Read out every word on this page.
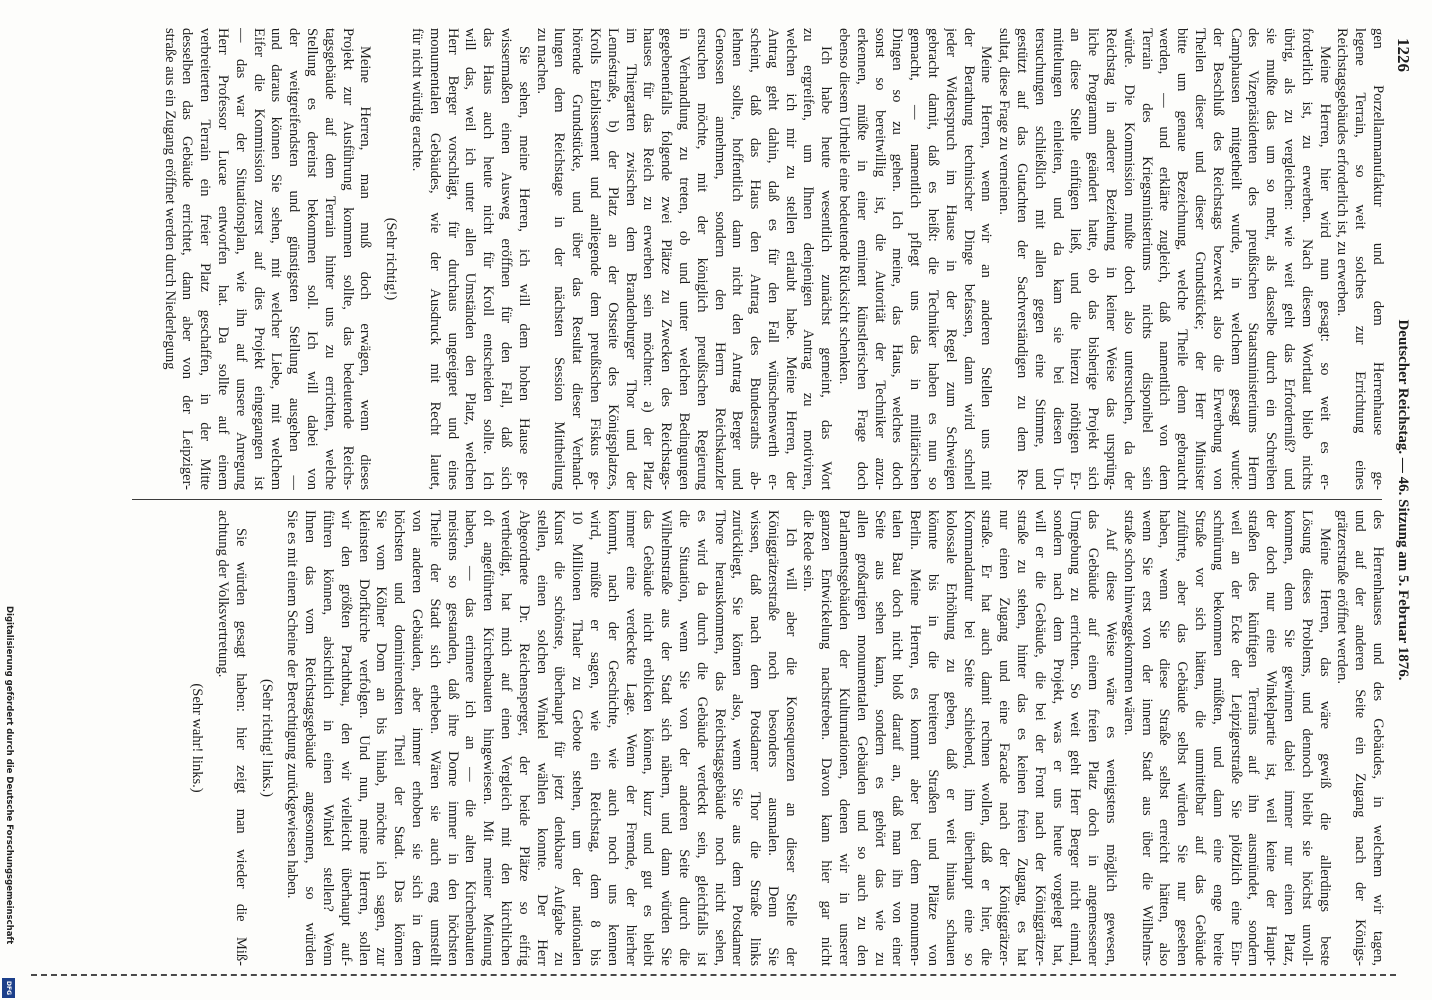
1226
Deutscher Reichstag. — 46. Sitzung am 5. Februar 1876.
gen Porzellanmanufaktur und dem Herrenhause ge-
legene Terrain, so weit solches zur Errichtung eines
Reichstagsgebäudes erforderlich ist, zu erwerben.
Meine Herren, hier wird nun gesagt: so weit es er-
forderlich ist, zu erwerben. Nach diesem Wortlaut blieb nichts
übrig, als zu vergleichen: wie weit geht das Erforderniß? und
sie mußte das um so mehr, als dasselbe durch ein Schreiben
des Vizepräsidenten des preußischen Staatsministeriums Herrn
Camphausen mitgetheilt wurde, in welchem gesagt wurde:
der Beschluß des Reichstags bezweckt also die Erwerbung von
Theilen dieser und dieser Grundstücke; der Herr Minister
bitte um genaue Bezeichnung, welche Theile denn gebraucht
werden, — und erklärte zugleich, daß namentlich von dem
Terrain des Kriegsministeriums nichts disponibel sein
würde. Die Kommission mußte doch also untersuchen, da der
Reichstag in anderer Beziehung in keiner Weise das ursprüng-
liche Programm geändert hatte, ob das bisherige Projekt sich
an diese Stelle einfügen ließ, und die hierzu nöthigen Er-
mittelungen einleiten, und da kam sie bei diesen Un-
tersuchungen schließlich mit allen gegen eine Stimme, und
gestützt auf das Gutachten der Sachverständigen zu dem Re-
sultat, diese Frage zu verneinen.
Meine Herren, wenn wir an anderen Stellen uns mit
der Berathung technischer Dinge befassen, dann wird schnell
jeder Widerspruch im Hause in der Regel zum Schweigen
gebracht damit, daß es heißt: die Techniker haben es nun so
gemacht, — namentlich pflegt uns das in militärischen
Dingen so zu gehen. Ich meine, das Haus, welches doch
sonst so bereitwillig ist, die Autorität der Techniker anzu-
erkennen, müßte in einer eminent künstlerischen Frage doch
ebenso diesem Urtheile eine bedeutende Rücksicht schenken.
Ich habe heute wesentlich zunächst gemeint, das Wort
zu ergreifen, um Ihnen denjenigen Antrag zu motiviren,
welchen ich mir zu stellen erlaubt habe. Meine Herren, der
Antrag geht dahin, daß es für den Fall wünschenswerth er-
scheint, daß das Haus den Antrag des Bundesraths ab-
lehnen sollte, hoffentlich dann nicht den Antrag Berger und
Genossen annehmen, sondern den Herrn Reichskanzler
ersuchen möchte, mit der königlich preußischen Regierung
in Verhandlung zu treten, ob und unter welchen Bedingungen
gegebenenfalls folgende zwei Plätze zu Zwecken des Reichstags-
hauses für das Reich zu erwerben sein möchten: a) der Platz
im Thiergarten zwischen dem Brandenburger Thor und der
Lennéstraße, b) der Platz an der Ostseite des Königsplatzes,
Krolls Etablissement und anliegende dem preußischen Fiskus ge-
hörende Grundstücke, und über das Resultat dieser Verhand-
lungen dem Reichstage in der nächsten Session Mittheilung
zu machen.
Sie sehen, meine Herren, ich will dem hohen Hause ge-
wissermaßen einen Ausweg eröffnen für den Fall, daß sich
das Haus auch heute nicht für Kroll entscheiden sollte. Ich
will das, weil ich unter allen Umständen den Platz, welchen
Herr Berger vorschlägt, für durchaus ungeeignet und eines
monumentalen Gebäudes, wie der Ausdruck mit Recht lautet,
für nicht würdig erachte.
(Sehr richtig!)
Meine Herren, man muß doch erwägen, wenn dieses
Projekt zur Ausführung kommen sollte, das bedeutende Reichs-
tagsgebäude auf dem Terrain hinter uns zu errichten, welche
Stellung es dereinst bekommen soll. Ich will dabei von
der weitgreifendsten und günstigsten Stellung ausgehen —
und daraus können Sie sehen, mit welcher Liebe, mit welchem
Eifer die Kommission zuerst auf dies Projekt eingegangen ist
— das war der Situationsplan, wie ihn auf unsere Anregung
Herr Professor Lucae entworfen hat. Da sollte auf einem
verbreiterten Terrain ein freier Platz geschaffen, in der Mitte
desselben das Gebäude errichtet, dann aber von der Leipziger-
straße aus ein Zugang eröffnet werden durch Niederlegung
des Herrenhauses und des Gebäudes, in welchem wir tagen,
und auf der anderen Seite ein Zugang nach der Königs-
grätzerstraße eröffnet werden.
Meine Herren, das wäre gewiß die allerdings beste
Lösung dieses Problems, und dennoch bleibt sie höchst unvoll-
kommen, denn Sie gewinnen dabei immer nur einen Platz,
der doch nur eine Winkelpartie ist, weil keine der Haupt-
straßen des künftigen Terrains auf ihn ausmündet, sondern
weil an der Ecke der Leipzigerstraße Sie plötzlich eine Ein-
schnürung bekommen müßten, und dann eine enge breite
Straße vor sich hätten, die unmittelbar auf das Gebäude
zuführte, aber das Gebäude selbst würden Sie nur gesehen
haben, wenn Sie diese Straße selbst erreicht hätten, also
wenn Sie erst von der innern Stadt aus über die Wilhelms-
straße schon hinweggekommen wären.
Auf diese Weise wäre es wenigstens möglich gewesen,
das Gebäude auf einem freien Platz doch in angemessener
Umgebung zu errichten. So weit geht Herr Berger nicht einmal,
sondern nach dem Projekt, was er uns heute vorgelegt hat,
will er die Gebäude, die bei der Front nach der Königgrätzer-
straße zu stehen, hinter das es keinen freien Zugang, es hat
nur einen Zugang und eine Facade nach der Königgrätzer-
straße. Er hat auch damit rechnen wollen, daß er hier, die
Kommandantur bei Seite schiebend, ihm überhaupt eine so
kolossale Erhöhung zu geben, daß er weit hinaus schauen
könnte bis in die breiteren Straßen und Plätze von
Berlin. Meine Herren, es kommt aber bei dem monumen-
talen Bau doch nicht bloß darauf an, daß man ihn von einer
Seite aus sehen kann, sondern es gehört das wie zu
allen großartigen monumentalen Gebäuden und so auch zu den
Parlamentsgebäuden der Kulturnationen, denen wir in unserer
ganzen Entwickelung nachstreben. Davon kann hier gar nicht
die Rede sein.
Ich will aber die Konsequenzen an dieser Stelle der
Königgrätzerstraße noch besonders ausmalen. Denn Sie
wissen, daß nach dem Potsdamer Thor die Straße links
zurückliegt, Sie können also, wenn Sie aus dem Potsdamer
Thore herauskommen, das Reichstagsgebäude noch nicht sehen,
es wird da durch die Gebäude verdeckt sein, gleichfalls ist
die Situation, wenn Sie von der anderen Seite durch die
Wilhelmstraße aus der Stadt sich nähern, und dann würden Sie
das Gebäude nicht erblicken können, kurz und gut es bleibt
immer eine verdeckte Lage. Wenn der Fremde, der hierher
kommt, nach der Geschichte, wie auch noch uns kennen
wird, müßte er sagen, wie ein Reichstag, dem 8 bis
10 Millionen Thaler zu Gebote stehen, um der nationalen
Kunst die schönste, überhaupt für jetzt denkbare Aufgabe zu
stellen, einen solchen Winkel wählen konnte. Der Herr
Abgeordnete Dr. Reichensperger, der beide Plätze so eifrig
vertheidigt, hat mich auf einen Vergleich mit den kirchlichen
oft angeführten Kirchenbauten hingewiesen. Mit meiner Meinung
haben, — das erinnere ich an — die alten Kirchenbauten
meistens so gestanden, daß ihre Dome immer in den höchsten
Theile der Stadt sich erheben. Wären sie auch eng umstellt
von anderen Gebäuden, aber immer erhoben sie sich in dem
höchsten und dominirendsten Theil der Stadt. Das können
Sie vom Kölner Dom an bis hinab, möchte ich sagen, zur
kleinsten Dorfkirche verfolgen. Und nun, meine Herren, sollen
wir den größten Prachtbau, den wir vielleicht überhaupt auf-
führen können, absichtlich in einen Winkel stellen? Wenn
Ihnen das vom Reichstagsgebäude angesonnen, so würden
Sie es mit einem Scheine der Berechtigung zurückgewiesen haben.
(Sehr richtig! links.)
Sie würden gesagt haben: hier zeigt man wieder die Miß-
achtung der Volksvertretung.
(Sehr wahr! links.)
Digitalisierung gefördert durch die Deutsche Forschungsgemeinschaft
DFG
